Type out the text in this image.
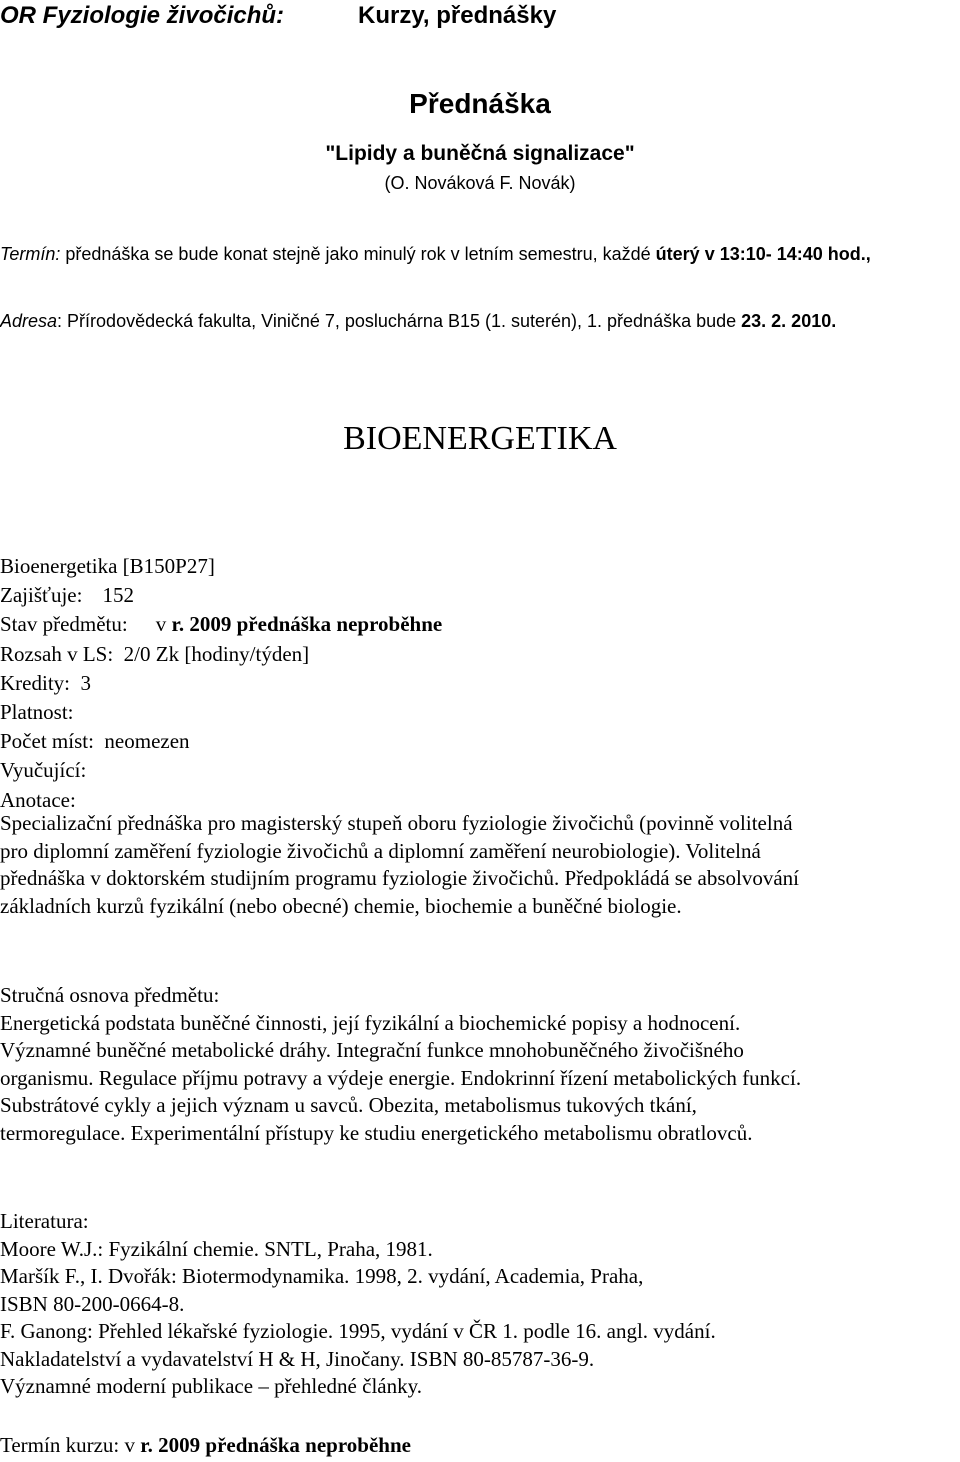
OR Fyziologie živočichů:	Kurzy, přednášky
Přednáška
"Lipidy a buněčná signalizace"
(O. Nováková F. Novák)
Termín: přednáška se bude konat stejně jako minulý rok v letním semestru, každé úterý v 13:10- 14:40 hod.,
Adresa: Přírodovědecká fakulta, Viničné 7, posluchárna B15 (1. suterén), 1. přednáška bude 23. 2. 2010.
BIOENERGETIKA
Bioenergetika [B150P27]
Zajišťuje: 152
Stav předmětu: v r. 2009 přednáška neproběhne
Rozsah v LS: 2/0 Zk [hodiny/týden]
Kredity: 3
Platnost:
Počet míst: neomezen
Vyučující:
Anotace:
Specializační přednáška pro magisterský stupeň oboru fyziologie živočichů (povinně volitelná
pro diplomní zaměření fyziologie živočichů a diplomní zaměření neurobiologie). Volitelná
přednáška v doktorském studijním programu fyziologie živočichů. Předpokládá se absolvování
základních kurzů fyzikální (nebo obecné) chemie, biochemie a buněčné biologie.
Stručná osnova předmětu:
Energetická podstata buněčné činnosti, její fyzikální a biochemické popisy a hodnocení.
Významné buněčné metabolické dráhy. Integrační funkce mnohobuněčného živočišného
organismu. Regulace příjmu potravy a výdeje energie. Endokrinní řízení metabolických funkcí.
Substrátové cykly a jejich význam u savců. Obezita, metabolismus tukových tkání,
termoregulace. Experimentální přístupy ke studiu energetického metabolismu obratlovců.
Literatura:
Moore W.J.: Fyzikální chemie. SNTL, Praha, 1981.
Maršík F., I. Dvořák: Biotermodynamika. 1998, 2. vydání, Academia, Praha,
ISBN 80-200-0664-8.
F. Ganong: Přehled lékařské fyziologie. 1995, vydání v ČR 1. podle 16. angl. vydání.
Nakladatelství a vydavatelství H & H, Jinočany. ISBN 80-85787-36-9.
Významné moderní publikace – přehledné články.
Termín kurzu: v r. 2009 přednáška neproběhne
